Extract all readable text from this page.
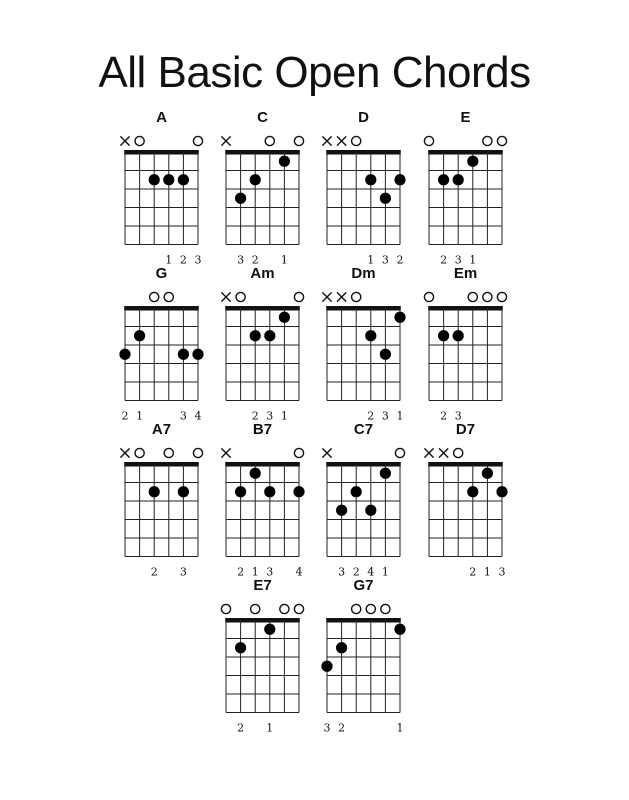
All Basic Open Chords
A
1 2 3
C
3 2 1
D
1 3 2
E
2 3 1
G
2 1	3 4
Am
2 3 1
Dm
2 3 1
Em
2 3
A7
2 3
B7
2 1 3 4
C7
3 2 4 1
D7
2 1 3
E7
2 1
G7
3 2	1
